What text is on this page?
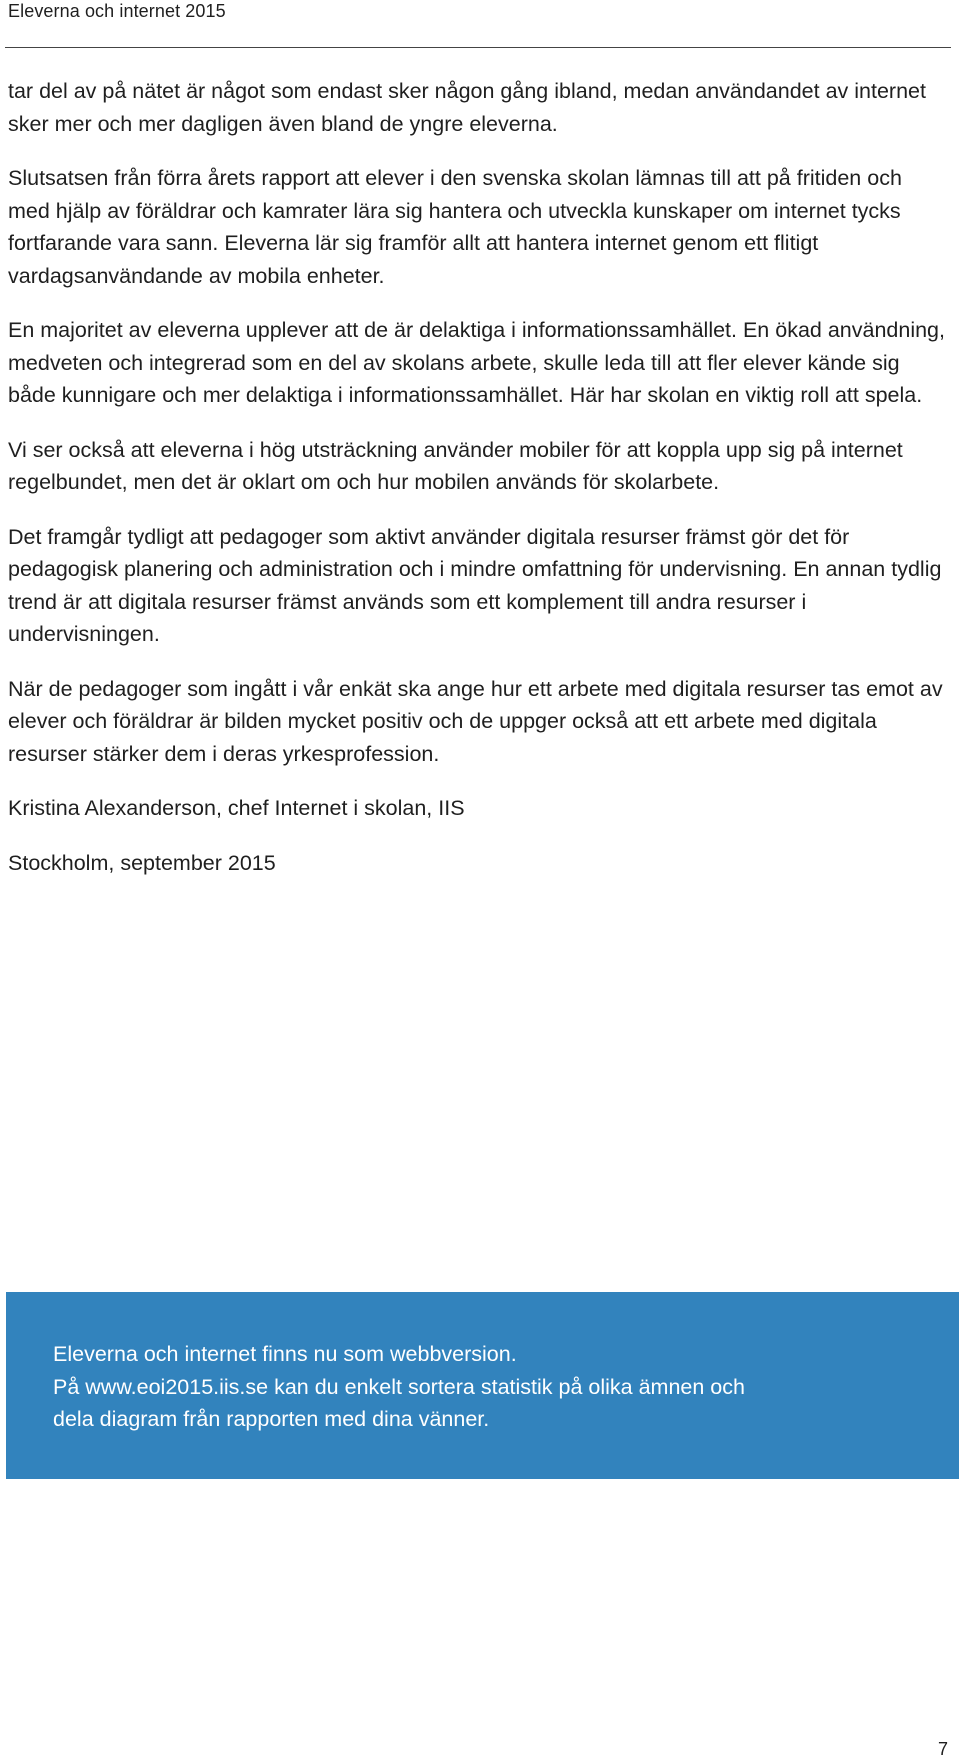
Eleverna och internet 2015

tar del av på nätet är något som endast sker någon gång ibland, medan användandet av internet sker mer och mer dagligen även bland de yngre eleverna.

Slutsatsen från förra årets rapport att elever i den svenska skolan lämnas till att på fritiden och med hjälp av föräldrar och kamrater lära sig hantera och utveckla kunskaper om internet tycks fortfarande vara sann. Eleverna lär sig framför allt att hantera internet genom ett flitigt vardagsanvändande av mobila enheter.

En majoritet av eleverna upplever att de är delaktiga i informationssamhället. En ökad användning, medveten och integrerad som en del av skolans arbete, skulle leda till att fler elever kände sig både kunnigare och mer delaktiga i informationssamhället. Här har skolan en viktig roll att spela.

Vi ser också att eleverna i hög utsträckning använder mobiler för att koppla upp sig på internet regelbundet, men det är oklart om och hur mobilen används för skolarbete.

Det framgår tydligt att pedagoger som aktivt använder digitala resurser främst gör det för pedagogisk planering och administration och i mindre omfattning för undervisning. En annan tydlig trend är att digitala resurser främst används som ett komplement till andra resurser i undervisningen.

När de pedagoger som ingått i vår enkät ska ange hur ett arbete med digitala resurser tas emot av elever och föräldrar är bilden mycket positiv och de uppger också att ett arbete med digitala resurser stärker dem i deras yrkesprofession.

Kristina Alexanderson, chef Internet i skolan, IIS

Stockholm, september 2015

Eleverna och internet finns nu som webbversion.
På www.eoi2015.iis.se kan du enkelt sortera statistik på olika ämnen och
dela diagram från rapporten med dina vänner.
7
